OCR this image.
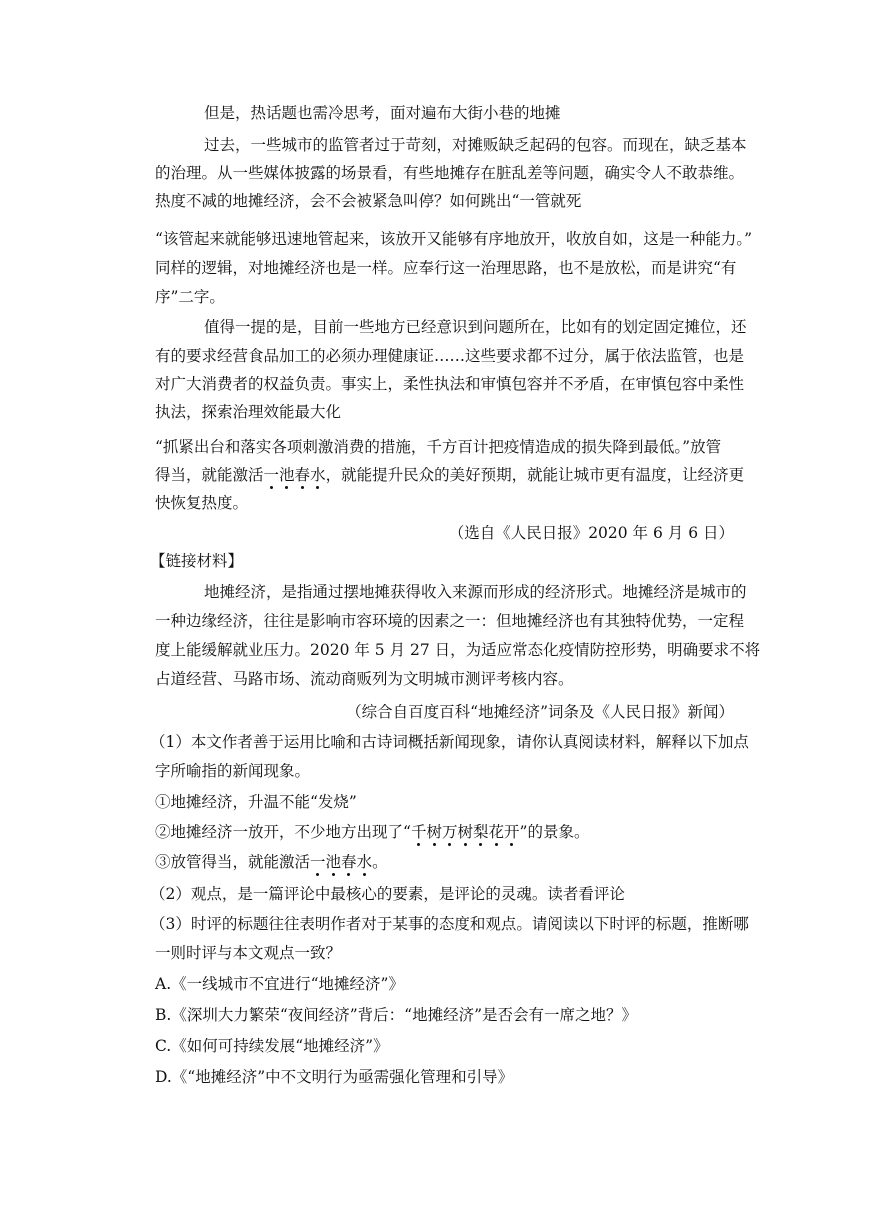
但是，热话题也需冷思考，面对遍布大街小巷的地摊
过去，一些城市的监管者过于苛刻，对摊贩缺乏起码的包容。而现在，缺乏基本
的治理。从一些媒体披露的场景看，有些地摊存在脏乱差等问题，确实令人不敢恭维。
热度不减的地摊经济，会不会被紧急叫停？如何跳出“一管就死
“该管起来就能够迅速地管起来，该放开又能够有序地放开，收放自如，这是一种能力。”
同样的逻辑，对地摊经济也是一样。应奉行这一治理思路，也不是放松，而是讲究“有
序”二字。
值得一提的是，目前一些地方已经意识到问题所在，比如有的划定固定摊位，还
有的要求经营食品加工的必须办理健康证……这些要求都不过分，属于依法监管，也是
对广大消费者的权益负责。事实上，柔性执法和审慎包容并不矛盾，在审慎包容中柔性
执法，探索治理效能最大化
“抓紧出台和落实各项刺激消费的措施，千方百计把疫情造成的损失降到最低。”放管
得当，就能激活一池春水，就能提升民众的美好预期，就能让城市更有温度，让经济更
快恢复热度。
（选自《人民日报》2020 年 6 月 6 日）
【链接材料】
地摊经济，是指通过摆地摊获得收入来源而形成的经济形式。地摊经济是城市的
一种边缘经济，往往是影响市容环境的因素之一：但地摊经济也有其独特优势，一定程
度上能缓解就业压力。2020 年 5 月 27 日，为适应常态化疫情防控形势，明确要求不将
占道经营、马路市场、流动商贩列为文明城市测评考核内容。
（综合自百度百科“地摊经济”词条及《人民日报》新闻）
（1）本文作者善于运用比喻和古诗词概括新闻现象，请你认真阅读材料，解释以下加点
字所喻指的新闻现象。
①地摊经济，升温不能“发烧”
②地摊经济一放开，不少地方出现了“千树万树梨花开”的景象。
③放管得当，就能激活一池春水。
（2）观点，是一篇评论中最核心的要素，是评论的灵魂。读者看评论
（3）时评的标题往往表明作者对于某事的态度和观点。请阅读以下时评的标题，推断哪
一则时评与本文观点一致？
A.《一线城市不宜进行“地摊经济”》
B.《深圳大力繁荣“夜间经济”背后：“地摊经济”是否会有一席之地？》
C.《如何可持续发展“地摊经济”》
D.《“地摊经济”中不文明行为亟需强化管理和引导》
